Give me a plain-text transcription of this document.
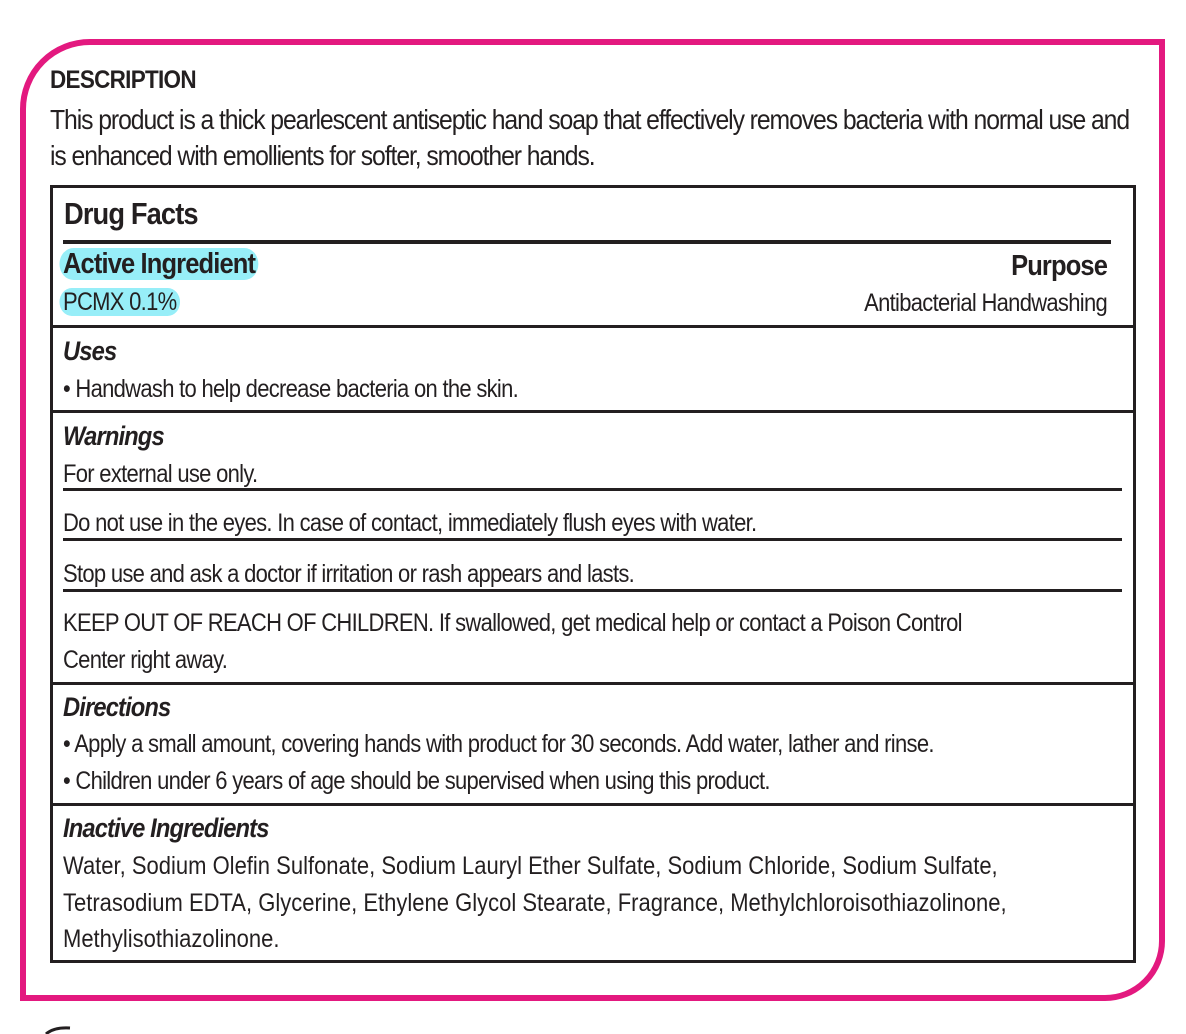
DESCRIPTION
This product is a thick pearlescent antiseptic hand soap that effectively removes bacteria with normal use and is enhanced with emollients for softer, smoother hands.
Drug Facts
Active Ingredient	Purpose
PCMX 0.1%	Antibacterial Handwashing
Uses
• Handwash to help decrease bacteria on the skin.
Warnings
For external use only.
Do not use in the eyes. In case of contact, immediately flush eyes with water.
Stop use and ask a doctor if irritation or rash appears and lasts.
KEEP OUT OF REACH OF CHILDREN. If swallowed, get medical help or contact a Poison Control
Center right away.
Directions
• Apply a small amount, covering hands with product for 30 seconds. Add water, lather and rinse.
• Children under 6 years of age should be supervised when using this product.
Inactive Ingredients
Water, Sodium Olefin Sulfonate, Sodium Lauryl Ether Sulfate, Sodium Chloride, Sodium Sulfate,
Tetrasodium EDTA, Glycerine, Ethylene Glycol Stearate, Fragrance, Methylchloroisothiazolinone,
Methylisothiazolinone.
